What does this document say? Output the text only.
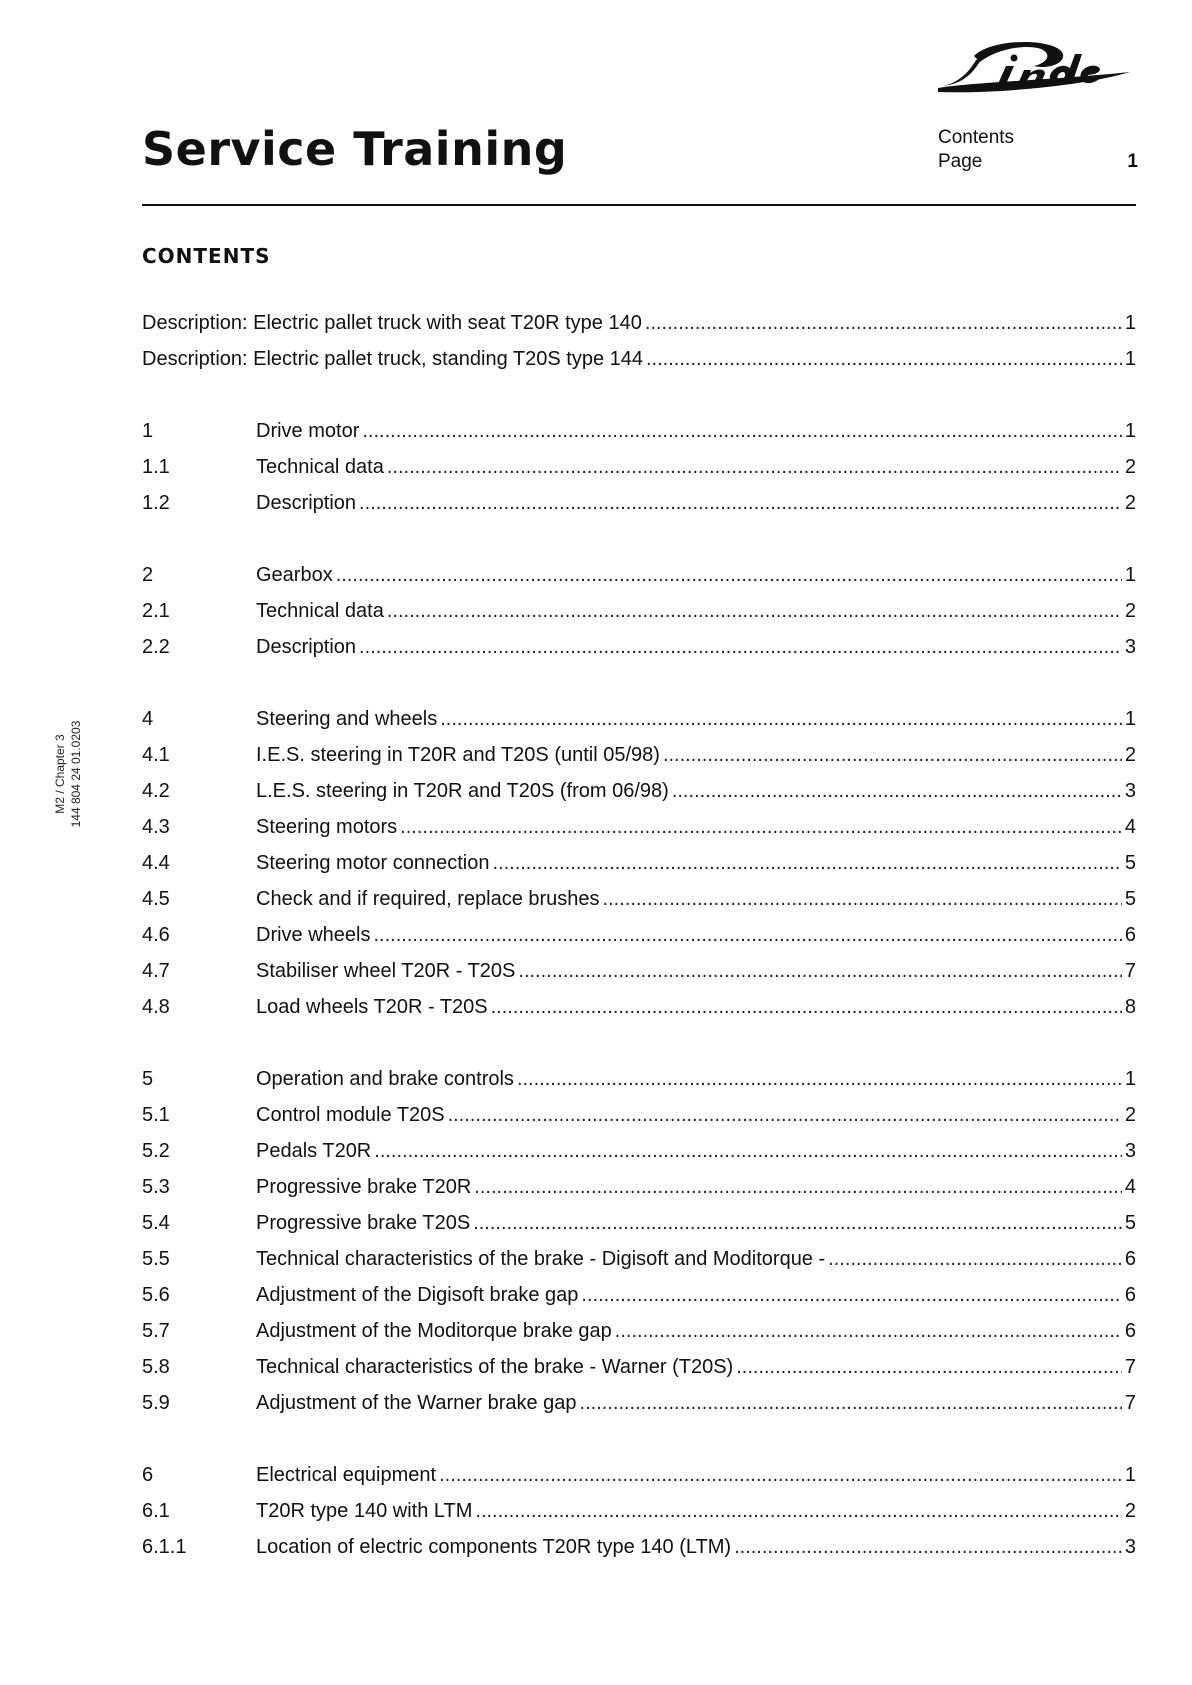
Service Training	Contents
Page	1
CONTENTS
M2 / Chapter 3 144 804 24 01.0203
Description: Electric pallet truck with seat T20R type 140 .....	1
Description: Electric pallet truck, standing T20S type 144 .....	1
1	Drive motor .....	1
1.1	Technical data .....	2
1.2	Description .....	2
2	Gearbox .....	1
2.1	Technical data .....	2
2.2	Description .....	3
4	Steering and wheels .....	1
4.1	I.E.S. steering in T20R and T20S (until 05/98) .....	2
4.2	L.E.S. steering in T20R and T20S (from 06/98) .....	3
4.3	Steering motors .....	4
4.4	Steering motor connection .....	5
4.5	Check and if required, replace brushes .....	5
4.6	Drive wheels .....	6
4.7	Stabiliser wheel T20R - T20S .....	7
4.8	Load wheels T20R - T20S .....	8
5	Operation and brake controls .....	1
5.1	Control module T20S .....	2
5.2	Pedals T20R .....	3
5.3	Progressive brake T20R .....	4
5.4	Progressive brake T20S .....	5
5.5	Technical characteristics of the brake - Digisoft and Moditorque - .....	6
5.6	Adjustment of the Digisoft brake gap .....	6
5.7	Adjustment of the Moditorque brake gap .....	6
5.8	Technical characteristics of the brake - Warner (T20S) .....	7
5.9	Adjustment of the Warner brake gap .....	7
6	Electrical equipment .....	1
6.1	T20R type 140 with LTM .....	2
6.1.1	Location of electric components T20R type 140 (LTM) .....	3
